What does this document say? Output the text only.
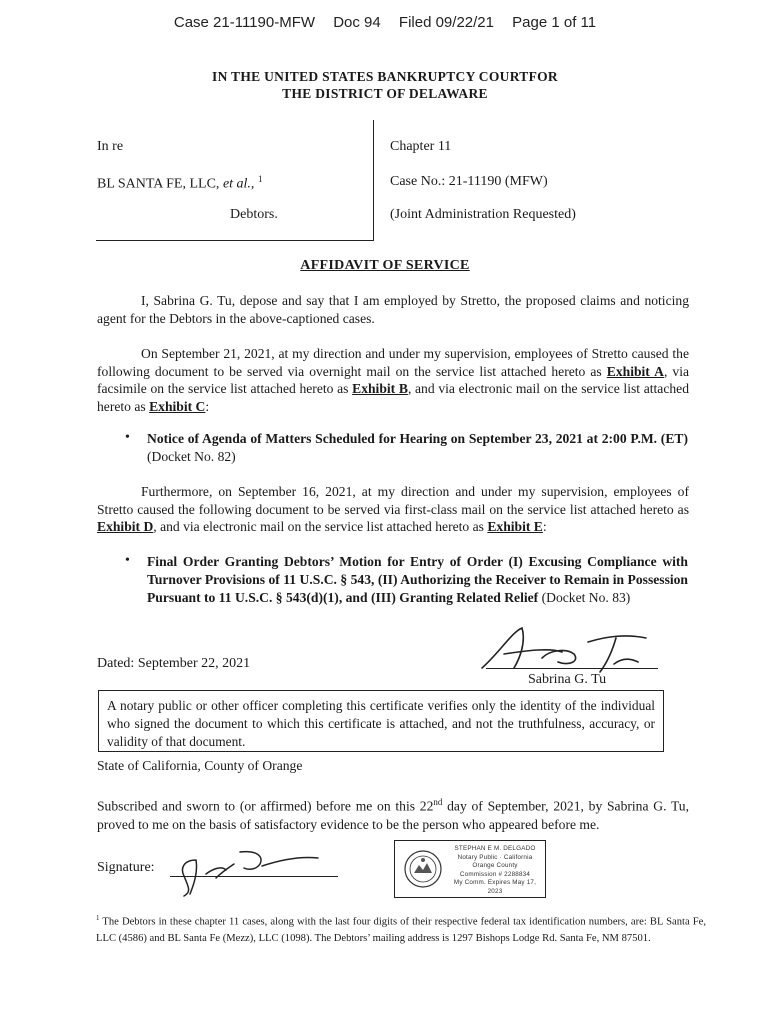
Case 21-11190-MFW Doc 94 Filed 09/22/21 Page 1 of 11
IN THE UNITED STATES BANKRUPTCY COURTFOR
THE DISTRICT OF DELAWARE
In re
BL SANTA FE, LLC, et al., $^1$
Debtors.
Chapter 11
Case No.: 21-11190 (MFW)
(Joint Administration Requested)
AFFIDAVIT OF SERVICE
I, Sabrina G. Tu, depose and say that I am employed by Stretto, the proposed claims and noticing agent for the Debtors in the above-captioned cases.
On September 21, 2021, at my direction and under my supervision, employees of Stretto caused the following document to be served via overnight mail on the service list attached hereto as Exhibit A, via facsimile on the service list attached hereto as Exhibit B, and via electronic mail on the service list attached hereto as Exhibit C:
•	Notice of Agenda of Matters Scheduled for Hearing on September 23, 2021 at 2:00 P.M. (ET) (Docket No. 82)
Furthermore, on September 16, 2021, at my direction and under my supervision, employees of Stretto caused the following document to be served via first-class mail on the service list attached hereto as Exhibit D, and via electronic mail on the service list attached hereto as Exhibit E:
•	Final Order Granting Debtors’ Motion for Entry of Order (I) Excusing Compliance with Turnover Provisions of 11 U.S.C. § 543, (II) Authorizing the Receiver to Remain in Possession Pursuant to 11 U.S.C. § 543(d)(1), and (III) Granting Related Relief (Docket No. 83)
Dated: September 22, 2021
Sabrina G. Tu
A notary public or other officer completing this certificate verifies only the identity of the individual who signed the document to which this certificate is attached, and not the truthfulness, accuracy, or validity of that document.
State of California, County of Orange
Subscribed and sworn to (or affirmed) before me on this 22nd day of September, 2021, by Sabrina G. Tu, proved to me on the basis of satisfactory evidence to be the person who appeared before me.
Signature:
STEPHAN E M. DELGADO
Notary Public · California
Orange County
Commission # 2288834
My Comm. Expires May 17, 2023
$^1$ The Debtors in these chapter 11 cases, along with the last four digits of their respective federal tax identification numbers, are: BL Santa Fe, LLC (4586) and BL Santa Fe (Mezz), LLC (1098). The Debtors’ mailing address is 1297 Bishops Lodge Rd. Santa Fe, NM 87501.
